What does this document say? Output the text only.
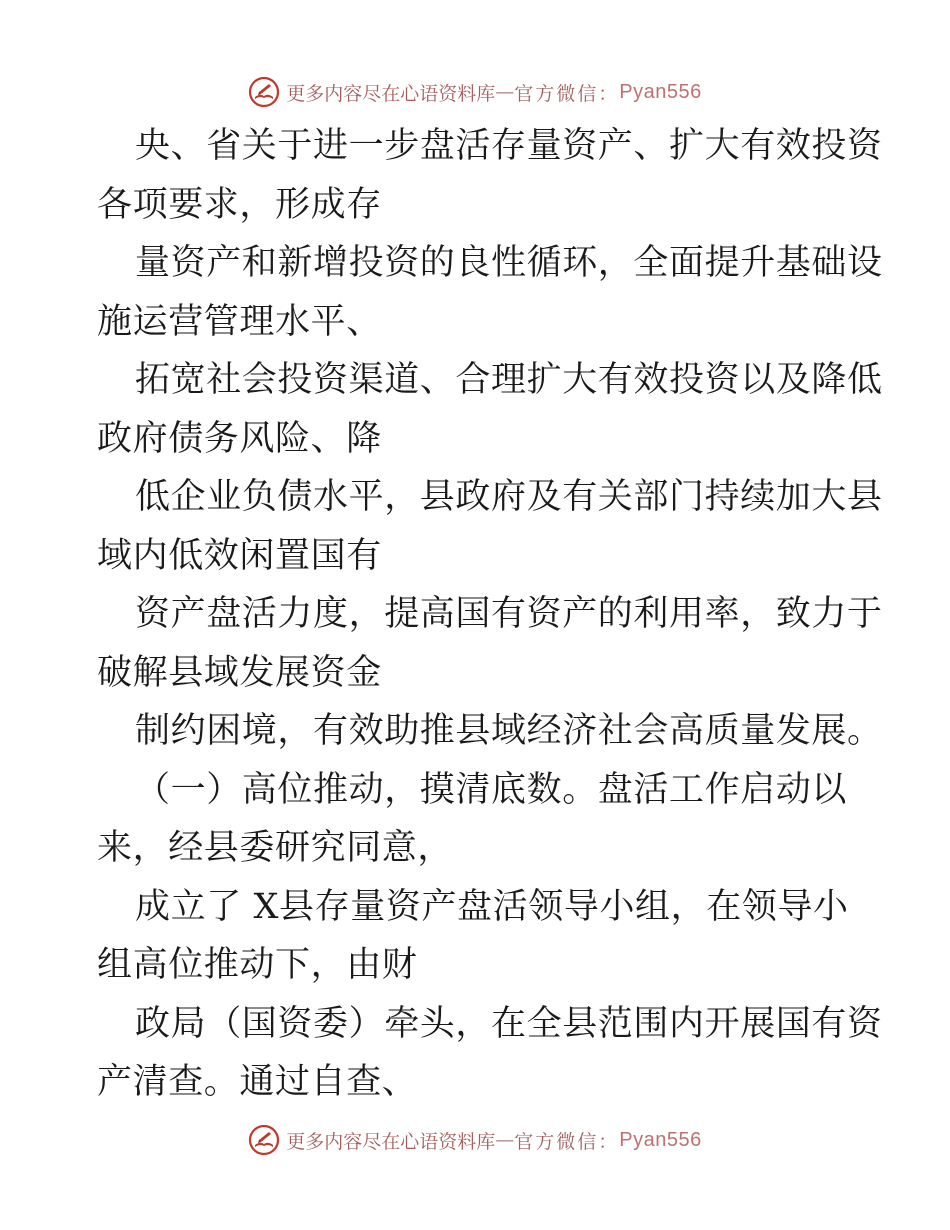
更多内容尽在心语资料库 — 官方微信： Pyan556
央、省关于进一步盘活存量资产、扩大有效投资
各项要求，形成存
量资产和新增投资的良性循环，全面提升基础设
施运营管理水平、
拓宽社会投资渠道、合理扩大有效投资以及降低
政府债务风险、降
低企业负债水平，县政府及有关部门持续加大县
域内低效闲置国有
资产盘活力度，提高国有资产的利用率，致力于
破解县域发展资金
制约困境，有效助推县域经济社会高质量发展。
（一）高位推动，摸清底数。盘活工作启动以
来，经县委研究同意，
成立了 X县存量资产盘活领导小组，在领导小
组高位推动下，由财
政局（国资委）牵头，在全县范围内开展国有资
产清查。通过自查、
更多内容尽在心语资料库 — 官方微信： Pyan556
